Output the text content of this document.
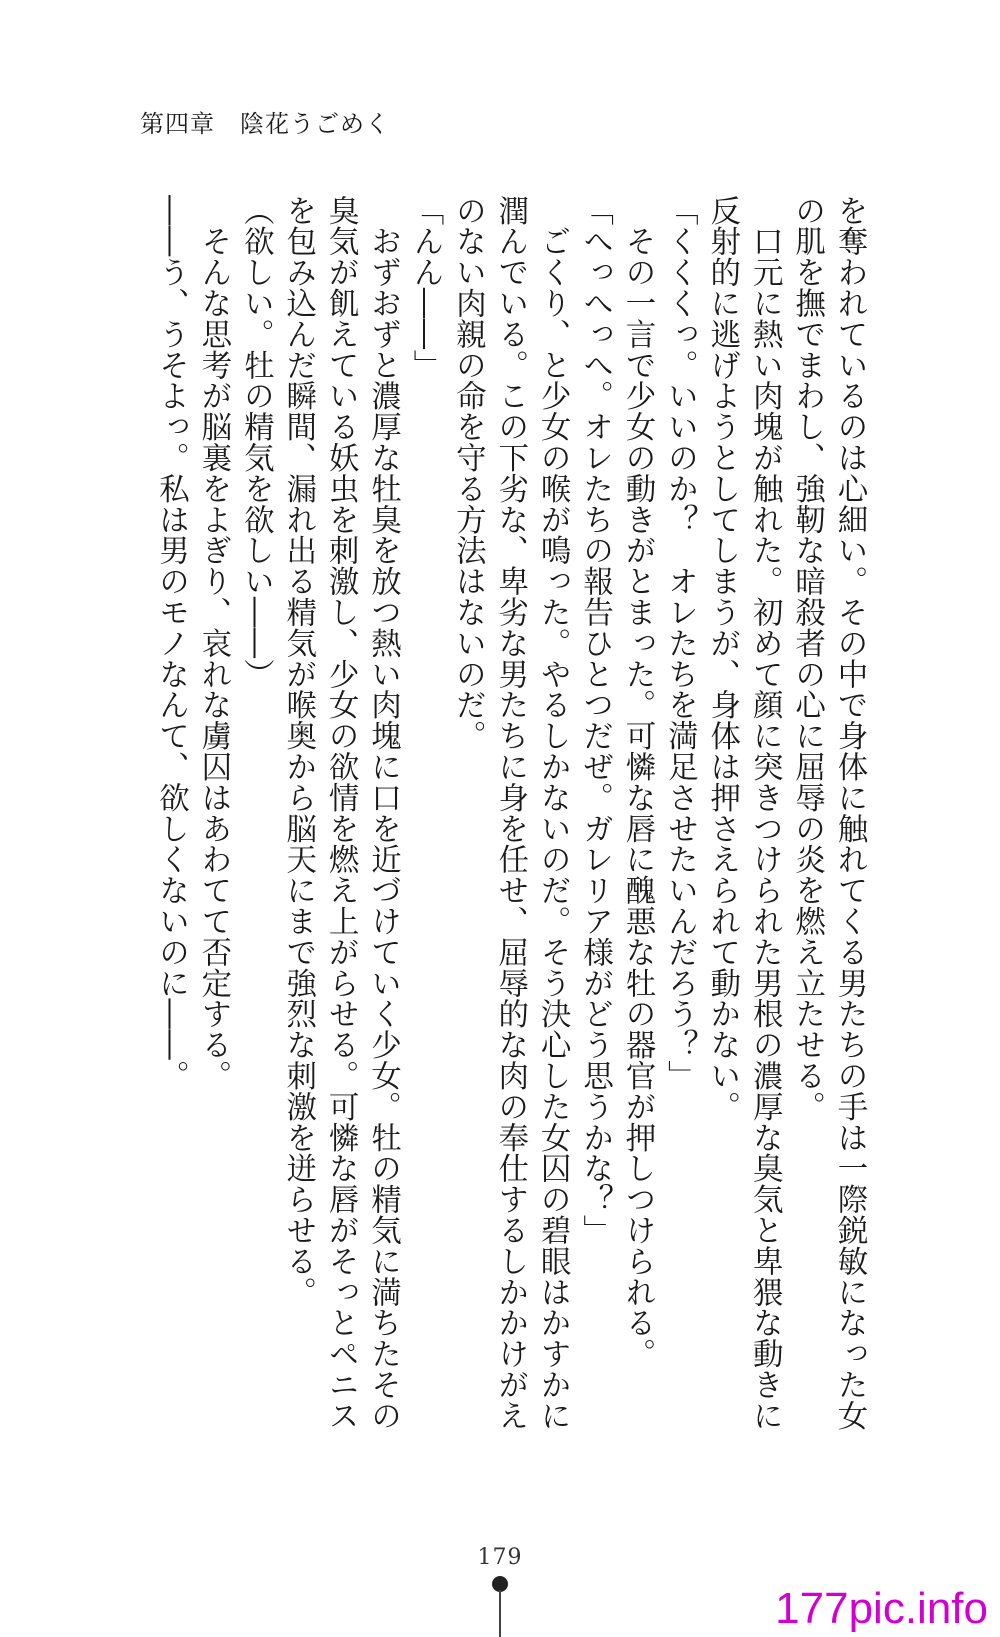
第四章　陰花うごめく

を奪われているのは心細い。その中で身体に触れてくる男たちの手は一際鋭敏になった女

の肌を撫でまわし、強靭な暗殺者の心に屈辱の炎を燃え立たせる。

　口元に熱い肉塊が触れた。初めて顔に突きつけられた男根の濃厚な臭気と卑猥な動きに

反射的に逃げようとしてしまうが、身体は押さえられて動かない。

「くくくっ。いいのか？　オレたちを満足させたいんだろう？」

　その一言で少女の動きがとまった。可憐な唇に醜悪な牡の器官が押しつけられる。

「へっへっへ。オレたちの報告ひとつだぜ。ガレリア様がどう思うかな？」

　ごくり、と少女の喉が鳴った。やるしかないのだ。そう決心した女囚の碧眼はかすかに

潤んでいる。この下劣な、卑劣な男たちに身を任せ、屈辱的な肉の奉仕するしかかけがえ

のない肉親の命を守る方法はないのだ。

「んん――」

　おずおずと濃厚な牡臭を放つ熱い肉塊に口を近づけていく少女。牡の精気に満ちたその

臭気が飢えている妖虫を刺激し、少女の欲情を燃え上がらせる。可憐な唇がそっとペニス

を包み込んだ瞬間、漏れ出る精気が喉奥から脳天にまで強烈な刺激を迸らせる。

（欲しい。牡の精気を欲しい――）

　そんな思考が脳裏をよぎり、哀れな虜囚はあわてて否定する。

――う、うそよっ。私は男のモノなんて、欲しくないのに――。

179
177pic.info
